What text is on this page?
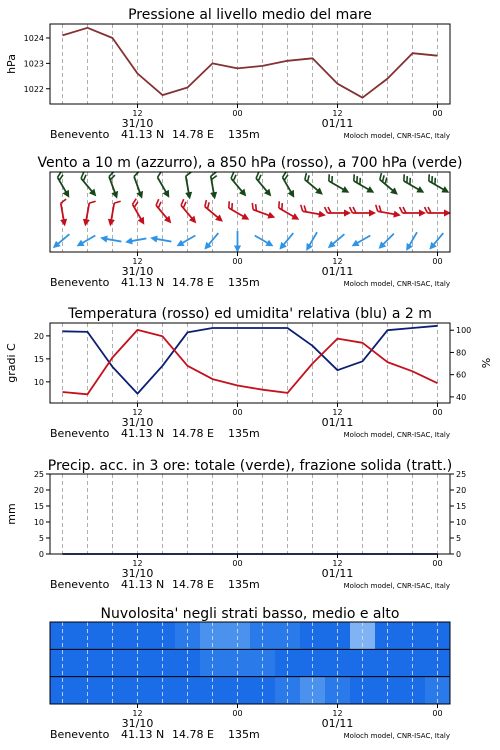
Pressione al livello medio del mare
1022
1023
1024
hPa
Vento a 10 m (azzurro), a 850 hPa (rosso), a 700 hPa (verde)
Temperatura (rosso) ed umidita' relativa (blu) a 2 m
10
15
20
40
60
80
100
gradi C	%
Precip. acc. in 3 ore: totale (verde), frazione solida (tratt.)
0
5
10
15
20
25
0
5
10
15
20
25
mm
Nuvolosita' negli strati basso, medio e alto
12	00	12	00
31/10	01/11
Benevento 41.13 N 14.78 E 135m	Moloch model, CNR-ISAC, Italy
12	00	12	00
31/10	01/11
Benevento 41.13 N 14.78 E 135m	Moloch model, CNR-ISAC, Italy
12	00	12	00
31/10	01/11
Benevento 41.13 N 14.78 E 135m	Moloch model, CNR-ISAC, Italy
12	00	12	00
31/10	01/11
Benevento 41.13 N 14.78 E 135m	Moloch model, CNR-ISAC, Italy
12	00	12	00
31/10	01/11
Benevento 41.13 N 14.78 E 135m	Moloch model, CNR-ISAC, Italy
